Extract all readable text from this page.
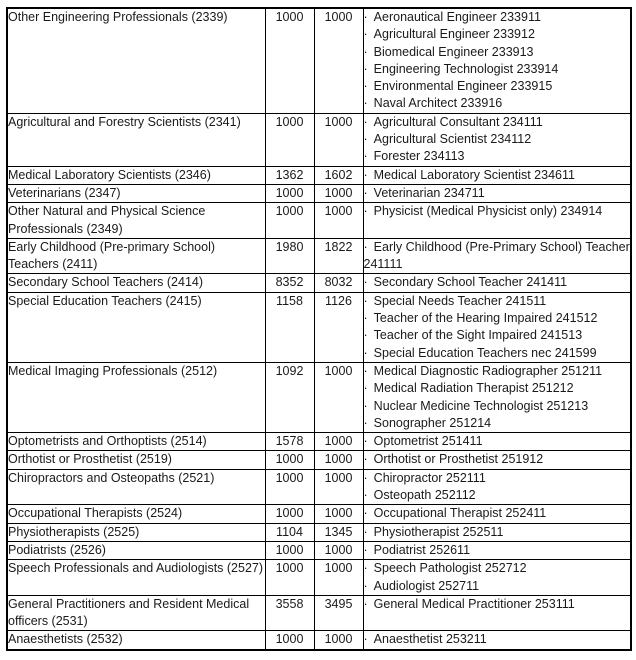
Other Engineering Professionals (2339)	1000	1000	
·Aeronautical Engineer 233911
· Agricultural Engineer 233912
· Biomedical Engineer 233913
· Engineering Technologist 233914
· Environmental Engineer 233915
· Naval Architect 233916

Agricultural and Forestry Scientists (2341)	1000	1000	· Agricultural Consultant 234111
· Agricultural Scientist 234112
· Forester 234113

Medical Laboratory Scientists (2346)	1362	1602	· Medical Laboratory Scientist 234611

Veterinarians (2347)	1000	1000	· Veterinarian 234711

Other Natural and Physical Science Professionals (2349)	1000	1000	· Physicist (Medical Physicist only) 234914

Early Childhood (Pre-primary School) Teachers (2411)	1980	1822	· Early Childhood (Pre-Primary School) Teacher 241111

Secondary School Teachers (2414)	8352	8032	· Secondary School Teacher 241411

Special Education Teachers (2415)	1158	1126	· Special Needs Teacher 241511
· Teacher of the Hearing Impaired 241512
· Teacher of the Sight Impaired 241513
· Special Education Teachers nec 241599

Medical Imaging Professionals (2512)	1092	1000	· Medical Diagnostic Radiographer 251211
· Medical Radiation Therapist 251212
· Nuclear Medicine Technologist 251213
· Sonographer 251214

Optometrists and Orthoptists (2514)	1578	1000	· Optometrist 251411

Orthotist or Prosthetist (2519)	1000	1000	· Orthotist or Prosthetist 251912

Chiropractors and Osteopaths (2521)	1000	1000	· Chiropractor 252111
· Osteopath 252112

Occupational Therapists (2524)	1000	1000	· Occupational Therapist 252411

Physiotherapists (2525)	1104	1345	· Physiotherapist 252511

Podiatrists (2526)	1000	1000	· Podiatrist 252611

Speech Professionals and Audiologists (2527)	1000	1000	· Speech Pathologist 252712
· Audiologist 252711

General Practitioners and Resident Medical officers (2531)	3558	3495	· General Medical Practitioner 253111

Anaesthetists (2532)	1000	1000	· Anaesthetist 253211
